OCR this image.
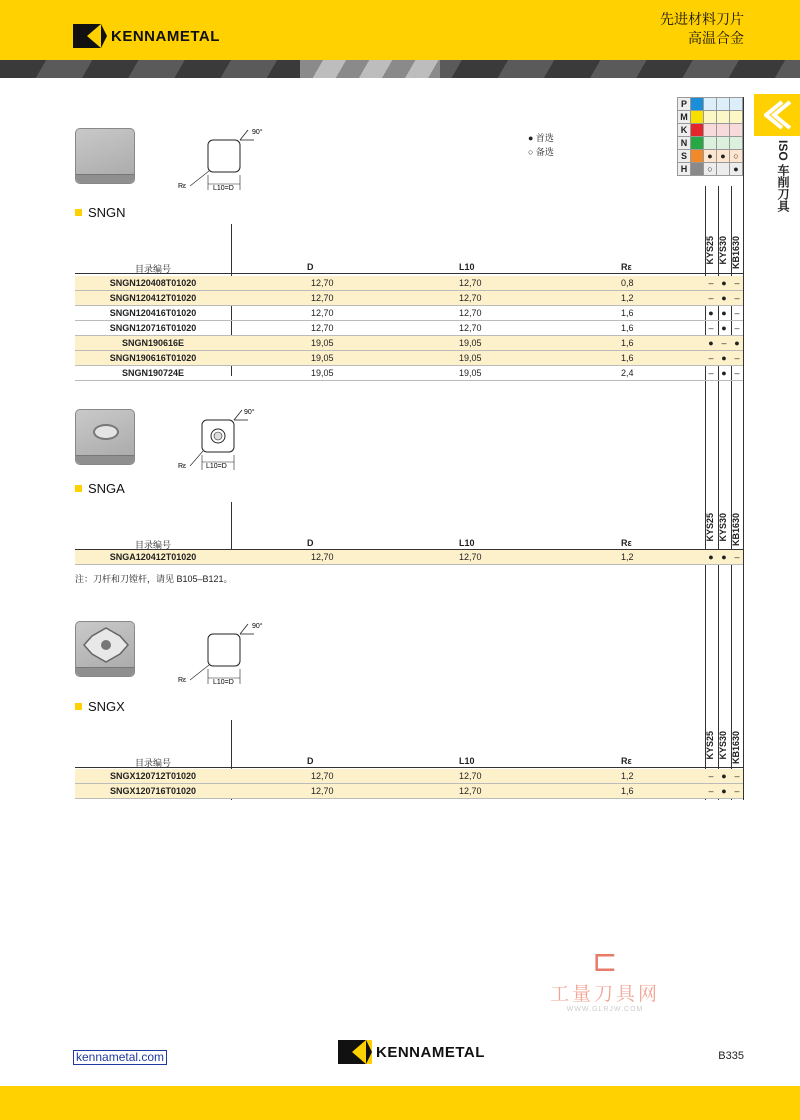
KENNAMETAL
先进材料刀片
高温合金
ISO 车削刀具
P				
M				
K				
N				
S		●	●	○
H		○		●
● 首选
○ 备选
90°
Rε	L10=D
SNGN
KYS25 KYS30 KB1630
目录编号	D	L10	Rε
SNGN120408T01020	12,70	12,70	0,8	– ● –
SNGN120412T01020	12,70	12,70	1,2	– ● –
SNGN120416T01020	12,70	12,70	1,6	● ● –
SNGN120716T01020	12,70	12,70	1,6	– ● –
SNGN190616E	19,05	19,05	1,6	● – ●
SNGN190616T01020	19,05	19,05	1,6	– ● –
SNGN190724E	19,05	19,05	2,4	– ● –
90°
Rε	L10=D
SNGA
KYS25 KYS30 KB1630
目录编号	D	L10	Rε
SNGA120412T01020	12,70	12,70	1,2	● ● –
注：刀杆和刀镗杆，请见 B105–B121。
90°
Rε	L10=D
SNGX
KYS25 KYS30 KB1630
目录编号	D	L10	Rε
SNGX120712T01020	12,70	12,70	1,2	– ● –
SNGX120716T01020	12,70	12,70	1,6	– ● –
⊏
工量刀具网
WWW.GLRJW.COM
kennametal.com	KENNAMETAL	B335
